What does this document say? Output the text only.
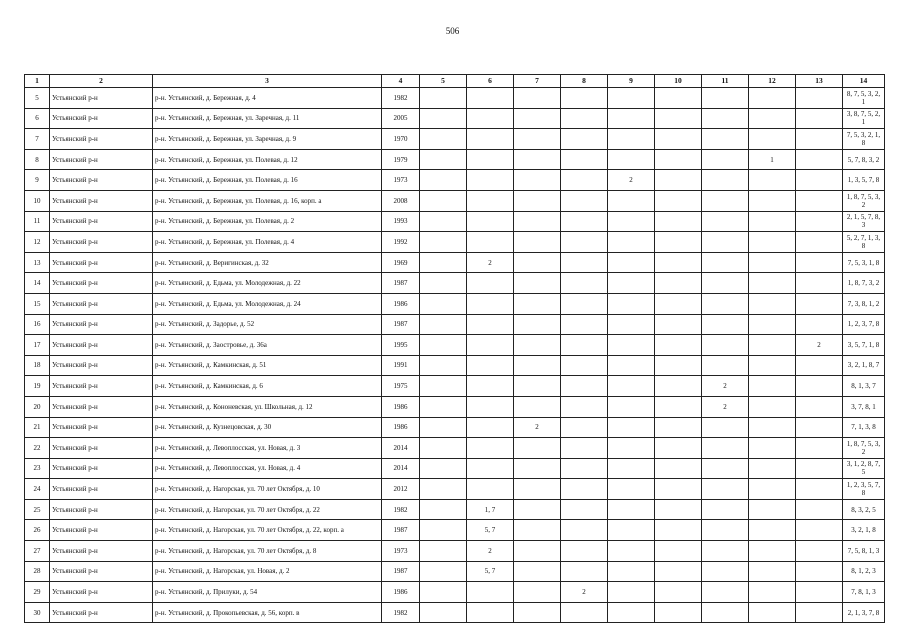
506
1	2	3	4	5	6	7	8	9	10	11	12	13	14
5	Устьянский р-н	р-н. Устьянский, д. Бережная, д. 4	1982										8, 7, 5, 3, 2, 1
6	Устьянский р-н	р-н. Устьянский, д. Бережная, ул. Заречная, д. 11	2005										3, 8, 7, 5, 2, 1
7	Устьянский р-н	р-н. Устьянский, д. Бережная, ул. Заречная, д. 9	1970										7, 5, 3, 2, 1, 8
8	Устьянский р-н	р-н. Устьянский, д. Бережная, ул. Полевая, д. 12	1979								1		5, 7, 8, 3, 2
9	Устьянский р-н	р-н. Устьянский, д. Бережная, ул. Полевая, д. 16	1973					2					1, 3, 5, 7, 8
10	Устьянский р-н	р-н. Устьянский, д. Бережная, ул. Полевая, д. 16, корп. а	2008										1, 8, 7, 5, 3, 2
11	Устьянский р-н	р-н. Устьянский, д. Бережная, ул. Полевая, д. 2	1993										2, 1, 5, 7, 8, 3
12	Устьянский р-н	р-н. Устьянский, д. Бережная, ул. Полевая, д. 4	1992										5, 2, 7, 1, 3, 8
13	Устьянский р-н	р-н. Устьянский, д. Веригинская, д. 32	1969		2								7, 5, 3, 1, 8
14	Устьянский р-н	р-н. Устьянский, д. Едьма, ул. Молодежная, д. 22	1987										1, 8, 7, 3, 2
15	Устьянский р-н	р-н. Устьянский, д. Едьма, ул. Молодежная, д. 24	1986										7, 3, 8, 1, 2
16	Устьянский р-н	р-н. Устьянский, д. Задорье, д. 52	1987										1, 2, 3, 7, 8
17	Устьянский р-н	р-н. Устьянский, д. Заостровье, д. 36а	1995									2	3, 5, 7, 1, 8
18	Устьянский р-н	р-н. Устьянский, д. Камкинская, д. 51	1991										3, 2, 1, 8, 7
19	Устьянский р-н	р-н. Устьянский, д. Камкинская, д. 6	1975							2			8, 1, 3, 7
20	Устьянский р-н	р-н. Устьянский, д. Кононевская, ул. Школьная, д. 12	1986							2			3, 7, 8, 1
21	Устьянский р-н	р-н. Устьянский, д. Кузнецовская, д. 30	1986			2							7, 1, 3, 8
22	Устьянский р-н	р-н. Устьянский, д. Левоплосская, ул. Новая, д. 3	2014										1, 8, 7, 5, 3, 2
23	Устьянский р-н	р-н. Устьянский, д. Левоплосская, ул. Новая, д. 4	2014										3, 1, 2, 8, 7, 5
24	Устьянский р-н	р-н. Устьянский, д. Нагорская, ул. 70 лет Октября, д. 10	2012										1, 2, 3, 5, 7, 8
25	Устьянский р-н	р-н. Устьянский, д. Нагорская, ул. 70 лет Октября, д. 22	1982		1, 7								8, 3, 2, 5
26	Устьянский р-н	р-н. Устьянский, д. Нагорская, ул. 70 лет Октября, д. 22, корп. а	1987		5, 7								3, 2, 1, 8
27	Устьянский р-н	р-н. Устьянский, д. Нагорская, ул. 70 лет Октября, д. 8	1973		2								7, 5, 8, 1, 3
28	Устьянский р-н	р-н. Устьянский, д. Нагорская, ул. Новая, д. 2	1987		5, 7								8, 1, 2, 3
29	Устьянский р-н	р-н. Устьянский, д. Прилуки, д. 54	1986				2						7, 8, 1, 3
30	Устьянский р-н	р-н. Устьянский, д. Прокопьевская, д. 56, корп. в	1982										2, 1, 3, 7, 8
